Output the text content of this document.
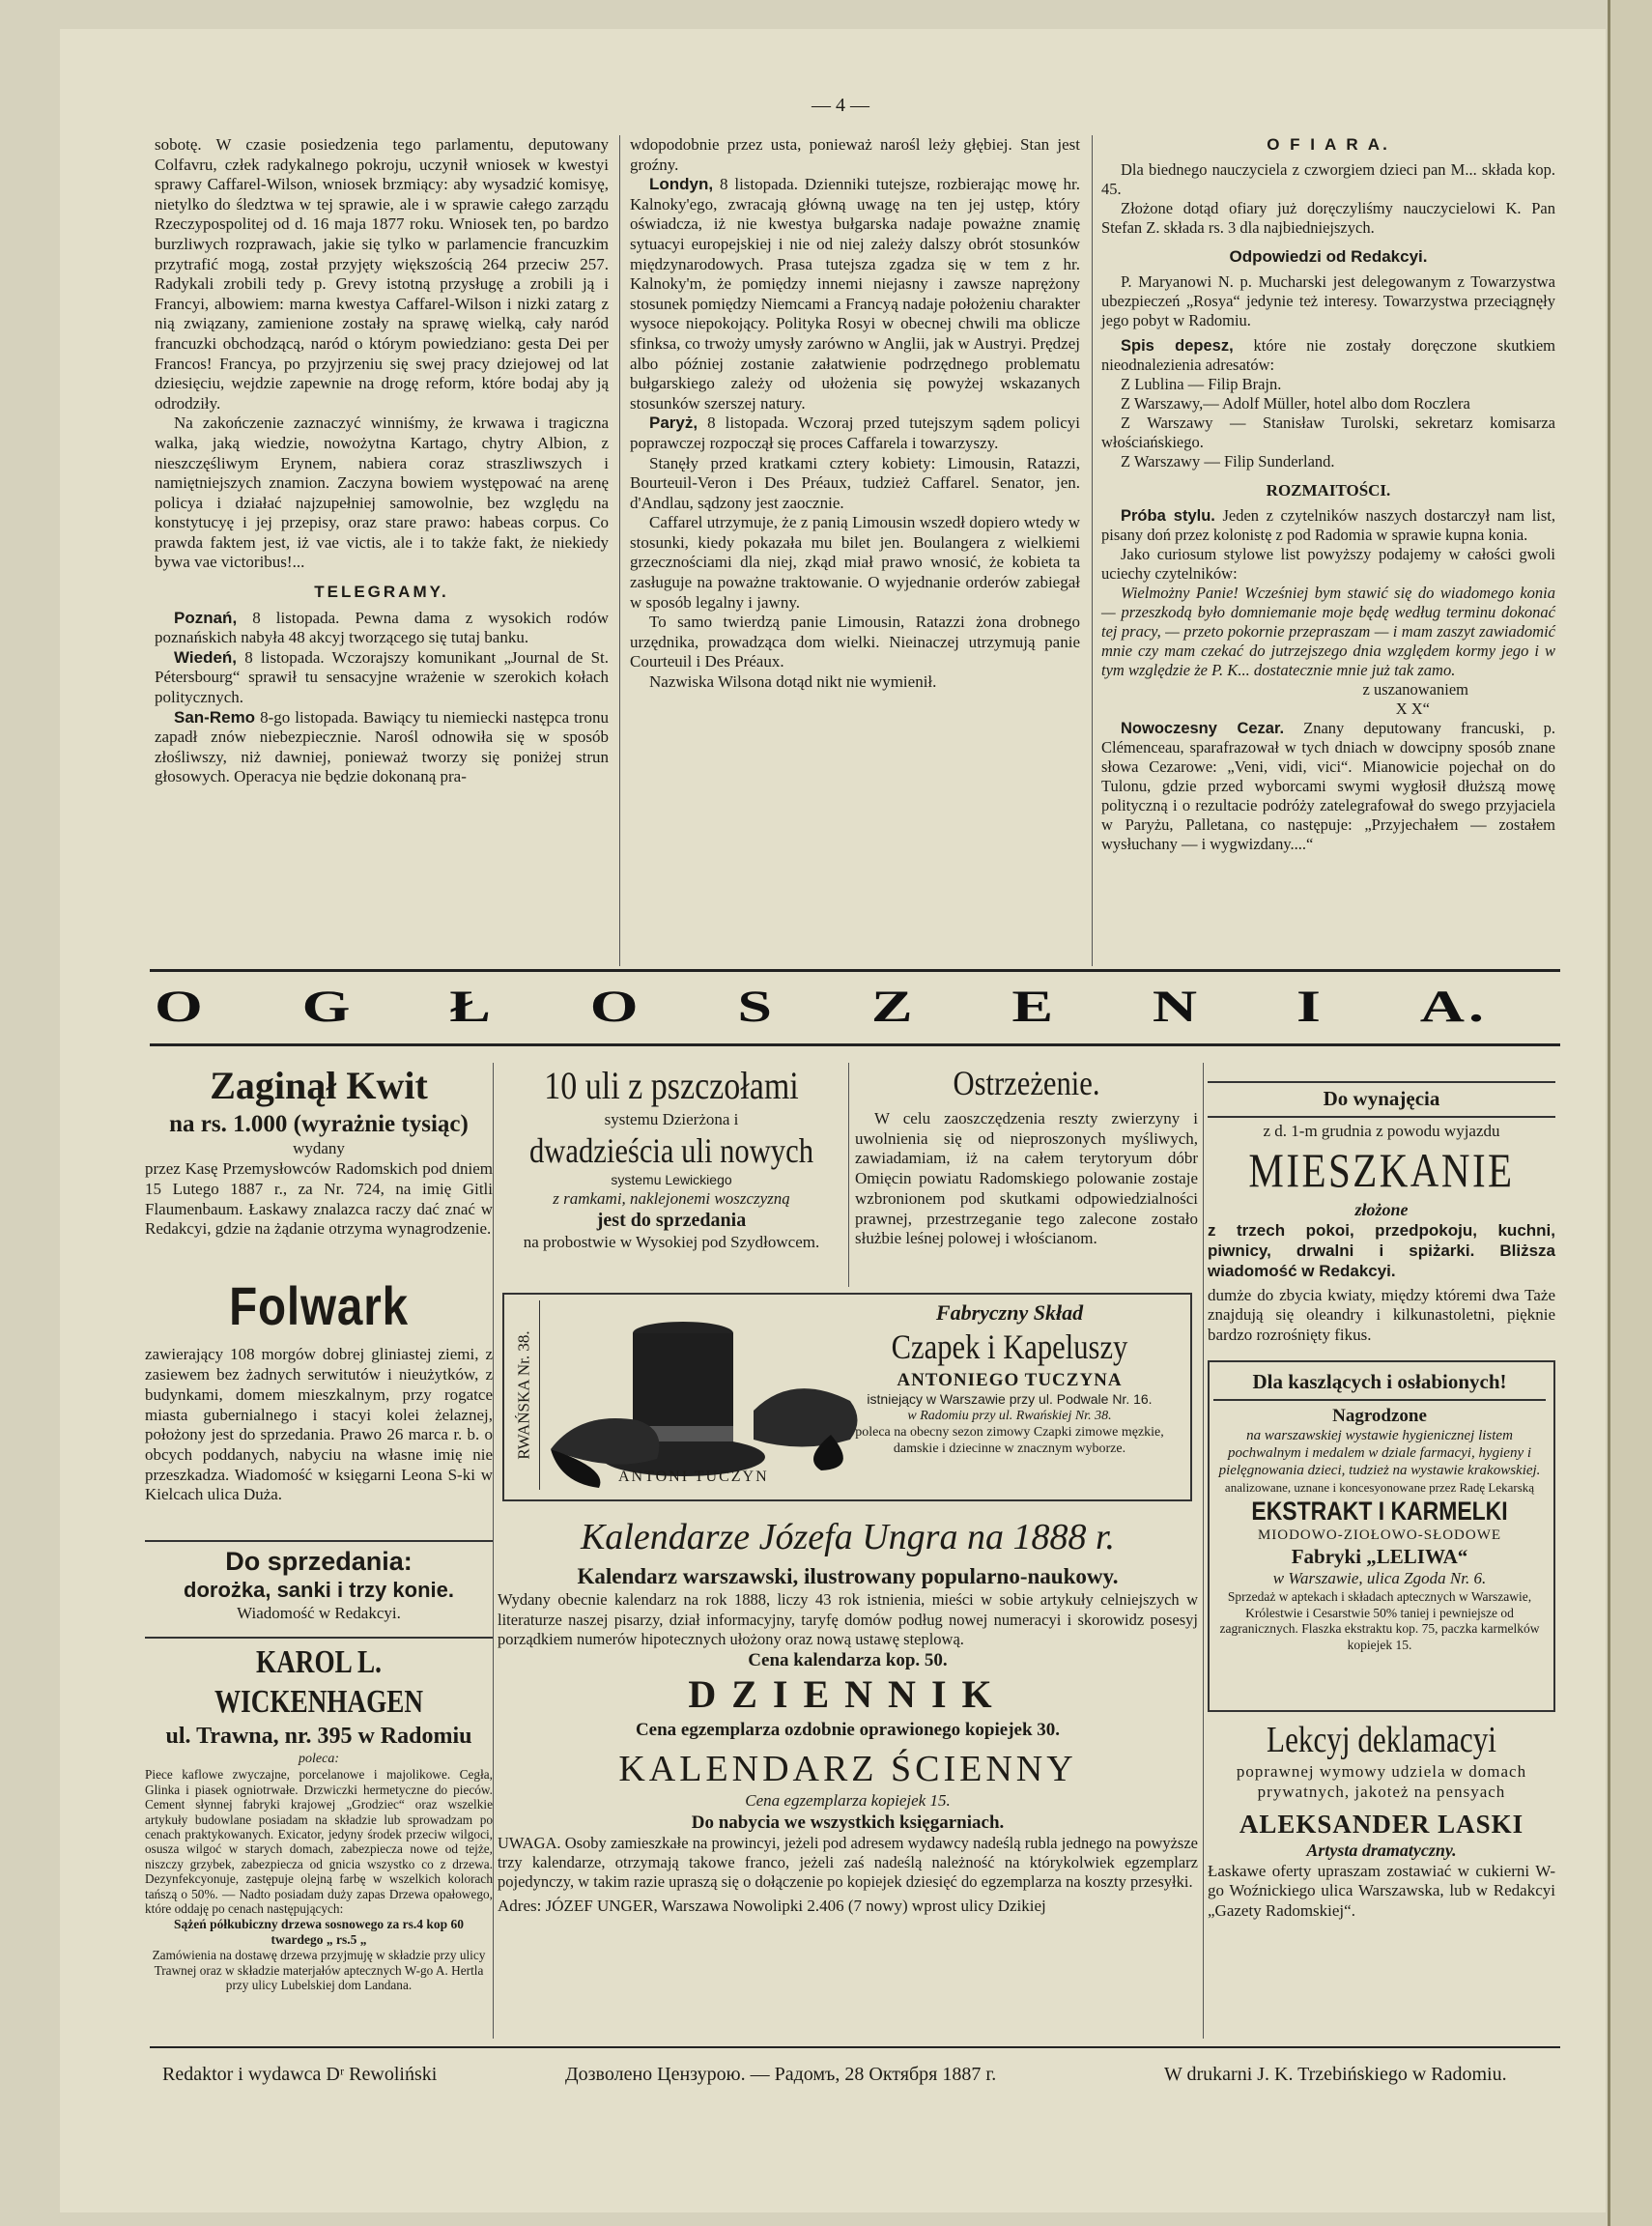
— 4 —

sobotę. W czasie posiedzenia tego parlamentu, deputowany Colfavru, człek radykalnego pokroju, uczynił wniosek w kwestyi sprawy Caffarel-Wilson, wniosek brzmiący: aby wysadzić komisyę, nietylko do śledztwa w tej sprawie, ale i w sprawie całego zarządu Rzeczypospolitej od d. 16 maja 1877 roku. Wniosek ten, po bardzo burzliwych rozprawach, jakie się tylko w parlamencie francuzkim przytrafić mogą, został przyjęty większością 264 przeciw 257. Radykali zrobili tedy p. Grevy istotną przysługę a zrobili ją i Francyi, albowiem: marna kwestya Caffarel-Wilson i nizki zatarg z nią związany, zamienione zostały na sprawę wielką, cały naród francuzki obchodzącą, naród o którym powiedziano: gesta Dei per Francos! Francya, po przyjrzeniu się swej pracy dziejowej od lat dziesięciu, wejdzie zapewnie na drogę reform, które bodaj aby ją odrodziły.

Na zakończenie zaznaczyć winniśmy, że krwawa i tragiczna walka, jaką wiedzie, nowożytna Kartago, chytry Albion, z nieszczęśliwym Erynem, nabiera coraz straszliwszych i namiętniejszych znamion. Zaczyna bowiem występować na arenę policya i działać najzupełniej samowolnie, bez względu na konstytucyę i jej przepisy, oraz stare prawo: habeas corpus. Co prawda faktem jest, iż vae victis, ale i to także fakt, że niekiedy bywa vae victoribus!...

TELEGRAMY.

Poznań, 8 listopada. Pewna dama z wysokich rodów poznańskich nabyła 48 akcyj tworzącego się tutaj banku.

Wiedeń, 8 listopada. Wczorajszy komunikant „Journal de St. Pétersbourg“ sprawił tu sensacyjne wrażenie w szerokich kołach politycznych.

San-Remo 8-go listopada. Bawiący tu niemiecki następca tronu zapadł znów niebezpiecznie. Narośl odnowiła się w sposób złośliwszy, niż dawniej, ponieważ tworzy się poniżej strun głosowych. Operacya nie będzie dokonaną pra-

wdopodobnie przez usta, ponieważ narośl leży głębiej. Stan jest groźny.

Londyn, 8 listopada. Dzienniki tutejsze, rozbierając mowę hr. Kalnoky'ego, zwracają główną uwagę na ten jej ustęp, który oświadcza, iż nie kwestya bułgarska nadaje poważne znamię sytuacyi europejskiej i nie od niej zależy dalszy obrót stosunków międzynarodowych. Prasa tutejsza zgadza się w tem z hr. Kalnoky'm, że pomiędzy innemi niejasny i zawsze naprężony stosunek pomiędzy Niemcami a Francyą nadaje położeniu charakter wysoce niepokojący. Polityka Rosyi w obecnej chwili ma oblicze sfinksa, co trwoży umysły zarówno w Anglii, jak w Austryi. Prędzej albo później zostanie załatwienie podrzędnego problematu bułgarskiego zależy od ułożenia się powyżej wskazanych stosunków szerszej natury.

Paryż, 8 listopada. Wczoraj przed tutejszym sądem policyi poprawczej rozpoczął się proces Caffarela i towarzyszy.

Stanęły przed kratkami cztery kobiety: Limousin, Ratazzi, Bourteuil-Veron i Des Préaux, tudzież Caffarel. Senator, jen. d'Andlau, sądzony jest zaocznie.

Caffarel utrzymuje, że z panią Limousin wszedł dopiero wtedy w stosunki, kiedy pokazała mu bilet jen. Boulangera z wielkiemi grzecznościami dla niej, zkąd miał prawo wnosić, że kobieta ta zasługuje na poważne traktowanie. O wyjednanie orderów zabiegał w sposób legalny i jawny.

To samo twierdzą panie Limousin, Ratazzi żona drobnego urzędnika, prowadząca dom wielki. Nieinaczej utrzymują panie Courteuil i Des Préaux.

Nazwiska Wilsona dotąd nikt nie wymienił.

O F I A R A.

Dla biednego nauczyciela z czworgiem dzieci pan M... składa kop. 45.

Złożone dotąd ofiary już doręczyliśmy nauczycielowi K. Pan Stefan Z. składa rs. 3 dla najbiedniejszych.

Odpowiedzi od Redakcyi.

P. Maryanowi N. p. Mucharski jest delegowanym z Towarzystwa ubezpieczeń „Rosya“ jedynie też interesy. Towarzystwa przeciągnęły jego pobyt w Radomiu.

Spis depesz, które nie zostały doręczone skutkiem nieodnalezienia adresatów:

Z Lublina — Filip Brajn.

Z Warszawy,— Adolf Müller, hotel albo dom Roczlera

Z Warszawy — Stanisław Turolski, sekretarz komisarza włościańskiego.

Z Warszawy — Filip Sunderland.

ROZMAITOŚCI.

Próba stylu. Jeden z czytelników naszych dostarczył nam list, pisany doń przez kolonistę z pod Radomia w sprawie kupna konia.

Jako curiosum stylowe list powyższy podajemy w całości gwoli uciechy czytelników:

Wielmożny Panie! Wcześniej bym stawić się do wiadomego konia — przeszkodą było domniemanie moje będę według terminu dokonać tej pracy, — przeto pokornie przepraszam — i mam zaszyt zawiadomić mnie czy mam czekać do jutrzejszego dnia względem kormy jego i w tym względzie że P. K... dostatecznie mnie już tak zamo.

z uszanowaniem

X X“

Nowoczesny Cezar. Znany deputowany francuski, p. Clémenceau, sparafrazował w tych dniach w dowcipny sposób znane słowa Cezarowe: „Veni, vidi, vici“. Mianowicie pojechał on do Tulonu, gdzie przed wyborcami swymi wygłosił dłuższą mowę polityczną i o rezultacie podróży zatelegrafował do swego przyjaciela w Paryżu, Palletana, co następuje: „Przyjechałem — zostałem wysłuchany — i wygwizdany....“

O G Ł O S Z E N I A.

Zaginął Kwit

na rs. 1.000 (wyrażnie tysiąc)

wydany

przez Kasę Przemysłowców Radomskich pod dniem 15 Lutego 1887 r., za Nr. 724, na imię Gitli Flaumenbaum. Łaskawy znalazca raczy dać znać w Redakcyi, gdzie na żądanie otrzyma wynagrodzenie.

Folwark

zawierający 108 morgów dobrej gliniastej ziemi, z zasiewem bez żadnych serwitutów i nieużytków, z budynkami, domem mieszkalnym, przy rogatce miasta gubernialnego i stacyi kolei żelaznej, położony jest do sprzedania. Prawo 26 marca r. b. o obcych poddanych, nabyciu na własne imię nie przeszkadza. Wiadomość w księgarni Leona S-ki w Kielcach ulica Duża.

Do sprzedania:

dorożka, sanki i trzy konie.

Wiadomość w Redakcyi.

KAROL L. WICKENHAGEN

ul. Trawna, nr. 395 w Radomiu

poleca:

Piece kaflowe zwyczajne, porcelanowe i majolikowe. Cegła, Glinka i piasek ogniotrwałe. Drzwiczki hermetyczne do pieców. Cement słynnej fabryki krajowej „Grodziec“ oraz wszelkie artykuły budowlane posiadam na składzie lub sprowadzam po cenach praktykowanych. Exicator, jedyny środek przeciw wilgoci, osusza wilgoć w starych domach, zabezpiecza nowe od tejże, niszczy grzybek, zabezpiecza od gnicia wszystko co z drzewa. Dezynfekcyonuje, zastępuje olejną farbę w wszelkich kolorach tańszą o 50%. — Nadto posiadam duży zapas Drzewa opałowego, które oddaję po cenach następujących:

Sążeń półkubiczny drzewa sosnowego za rs.4 kop 60

twardego „ rs.5 „

Zamówienia na dostawę drzewa przyjmuję w składzie przy ulicy Trawnej oraz w składzie materjałów aptecznych W-go A. Hertla przy ulicy Lubelskiej dom Landana.

10 uli z pszczołami

systemu Dzierżona i

dwadzieścia uli nowych

systemu Lewickiego

z ramkami, naklejonemi woszczyzną

jest do sprzedania

na probostwie w Wysokiej pod Szydłowcem.

Ostrzeżenie.

W celu zaoszczędzenia reszty zwierzyny i uwolnienia się od nieproszonych myśliwych, zawiadamiam, iż na całem terytoryum dóbr Omięcin powiatu Radomskiego polowanie zostaje wzbronionem pod skutkami odpowiedzialności prawnej, przestrzeganie tego zalecone zostało służbie leśnej polowej i włościanom.

RWAŃSKA Nr. 38.
ANTONI TUCZYN

Fabryczny Skład

Czapek i Kapeluszy

ANTONIEGO TUCZYNA

istniejący w Warszawie przy ul. Podwale Nr. 16.

w Radomiu przy ul. Rwańskiej Nr. 38.

poleca na obecny sezon zimowy Czapki zimowe męzkie, damskie i dziecinne w znacznym wyborze.

Kalendarze Józefa Ungra na 1888 r.

Kalendarz warszawski, ilustrowany popularno-naukowy.

Wydany obecnie kalendarz na rok 1888, liczy 43 rok istnienia, mieści w sobie artykuły celniejszych w literaturze naszej pisarzy, dział informacyjny, taryfę domów podług nowej numeracyi i skorowidz posesyj porządkiem numerów hipotecznych ułożony oraz nową ustawę steplową.

Cena kalendarza kop. 50.

DZIENNIK

Cena egzemplarza ozdobnie oprawionego kopiejek 30.

KALENDARZ ŚCIENNY

Cena egzemplarza kopiejek 15.

Do nabycia we wszystkich księgarniach.

UWAGA. Osoby zamieszkałe na prowincyi, jeżeli pod adresem wydawcy nadeślą rubla jednego na powyższe trzy kalendarze, otrzymają takowe franco, jeżeli zaś nadeślą należność na którykolwiek egzemplarz pojedynczy, w takim razie upraszą się o dołączenie po kopiejek dziesięć do egzemplarza na koszty przesyłki.

Adres: JÓZEF UNGER, Warszawa Nowolipki 2.406 (7 nowy) wprost ulicy Dzikiej

Do wynajęcia

z d. 1-m grudnia z powodu wyjazdu

MIESZKANIE

złożone

z trzech pokoi, przedpokoju, kuchni, piwnicy, drwalni i spiżarki. Bliższa wiadomość w Redakcyi.

dumże do zbycia kwiaty, między któremi dwa Taże znajdują się oleandry i kilkunastoletni, pięknie bardzo rozrośnięty fikus.

Dla kaszlących i osłabionych!

Nagrodzone

na warszawskiej wystawie hygienicznej listem pochwalnym i medalem w dziale farmacyi, hygieny i pielęgnowania dzieci, tudzież na wystawie krakowskiej.

analizowane, uznane i koncesyonowane przez Radę Lekarską

EKSTRAKT I KARMELKI

MIODOWO-ZIOŁOWO-SŁODOWE

Fabryki „LELIWA“

w Warszawie, ulica Zgoda Nr. 6.

Sprzedaż w aptekach i składach aptecznych w Warszawie, Królestwie i Cesarstwie 50% taniej i pewniejsze od zagranicznych. Flaszka ekstraktu kop. 75, paczka karmelków kopiejek 15.

Lekcyj deklamacyi

poprawnej wymowy udziela w domach prywatnych, jakoteż na pensyach

ALEKSANDER LASKI

Artysta dramatyczny.

Łaskawe oferty upraszam zostawiać w cukierni W-go Woźnickiego ulica Warszawska, lub w Redakcyi „Gazety Radomskiej“.

Redaktor i wydawca Dʳ Rewoliński	Дозволено Цензурою. — Радомъ, 28 Октября 1887 г.	W drukarni J. K. Trzebińskiego w Radomiu.
